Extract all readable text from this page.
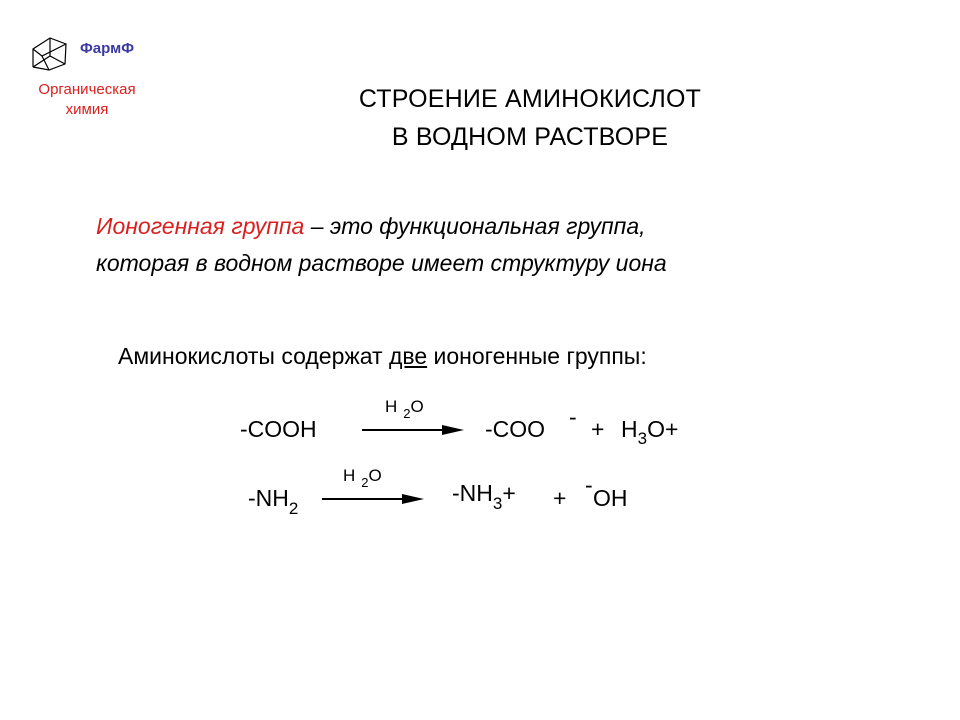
ФармФ
Органическая химия	СТРОЕНИЕ АМИНОКИСЛОТ
В ВОДНОМ РАСТВОРЕ
Ионогенная группа – это функциональная группа,
которая в водном растворе имеет структуру иона
Аминокислоты содержат две ионогенные группы:
-COOH
H $_2$O
-COO - + $H_3O+$
$-NH_2$
H $_2$O
$-NH_3+$ + - OH
